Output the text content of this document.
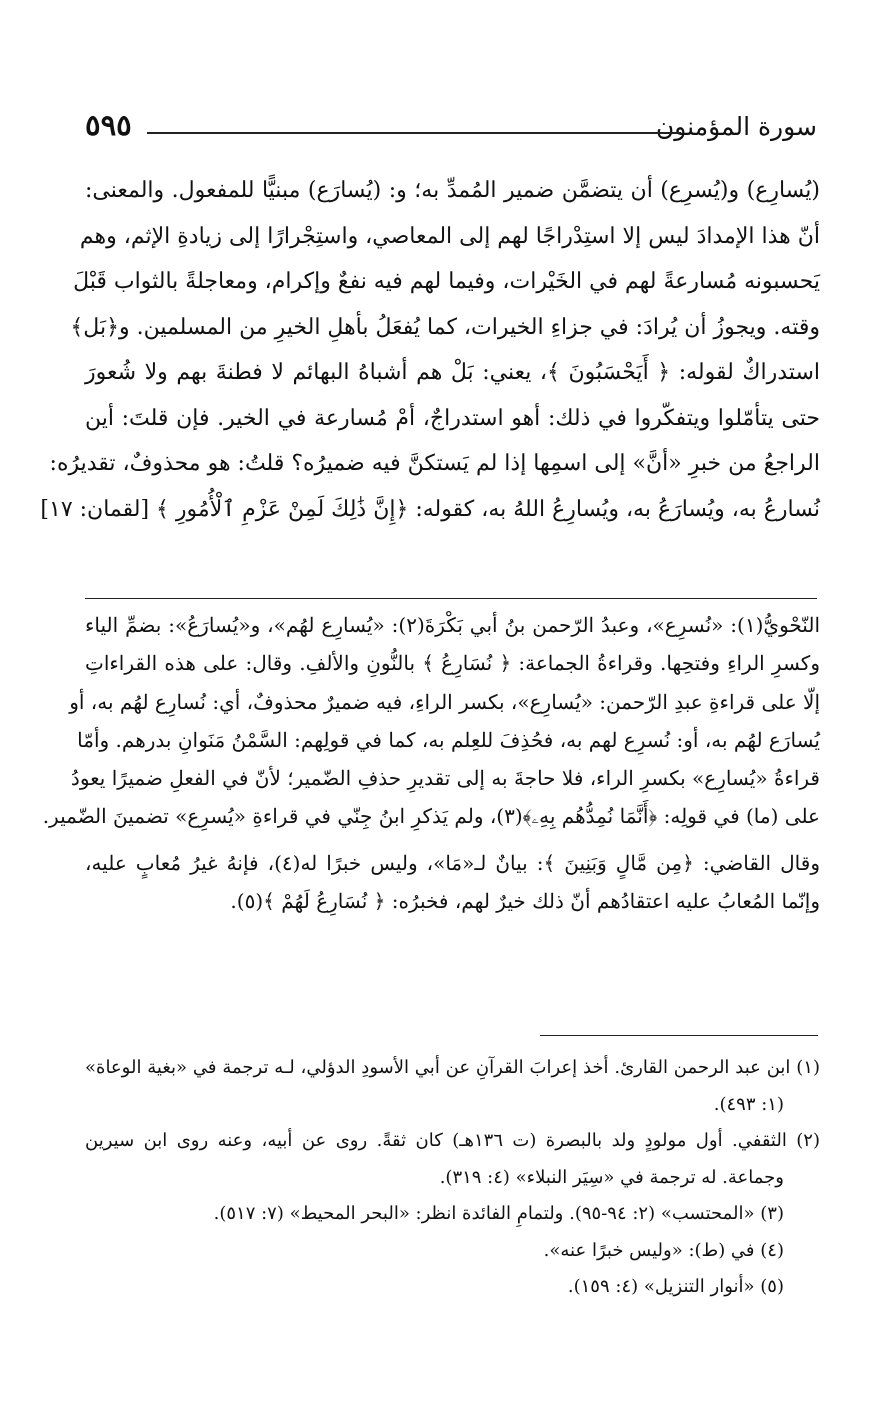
سورة المؤمنون
٥٩٥

(يُسارِع) و(يُسرِع) أن يتضمَّن ضمير المُمدِّ به؛ و: (يُسارَع) مبنيًّا للمفعول. والمعنى:

أنّ هذا الإمدادَ ليس إلا استِدْراجًا لهم إلى المعاصي، واستِجْرارًا إلى زيادةِ الإثم، وهم

يَحسبونه مُسارعةً لهم في الخَيْرات، وفيما لهم فيه نفعٌ وإكرام، ومعاجلةً بالثواب قَبْلَ

وقته. ويجوزُ أن يُرادَ: في جزاءِ الخيرات، كما يُفعَلُ بأهلِ الخيرِ من المسلمين. و﴿بَل﴾

استدراكٌ لقوله: ﴿ أَيَحْسَبُونَ ﴾، يعني: بَلْ هم أشباهُ البهائم لا فطنةَ بهم ولا شُعورَ

حتى يتأمّلوا ويتفكّروا في ذلك: أهو استدراجٌ، أمْ مُسارعة في الخير. فإن قلتَ: أين

الراجعُ من خبرِ «أنَّ» إلى اسمِها إذا لم يَستكنَّ فيه ضميرُه؟ قلتُ: هو محذوفٌ، تقديرُه:

نُسارعُ به، ويُسارَعُ به، ويُسارِعُ اللهُ به، كقوله: ﴿إِنَّ ذَٰلِكَ لَمِنْ عَزْمِ ٱلْأُمُورِ ﴾ [لقمان: ١٧]

النّحْويُّ(١): «نُسرِع»، وعبدُ الرّحمن بنُ أبي بَكْرَةَ(٢): «يُسارِع لهُم»، و«يُسارَعُ»: بضمِّ الياء

وكسرِ الراءِ وفتحِها. وقراءةُ الجماعة: ﴿ نُسَارِعُ ﴾ بالنُّونِ والألفِ. وقال: على هذه القراءاتِ

إلّا على قراءةِ عبدِ الرّحمن: «يُسارِع»، بكسر الراءِ، فيه ضميرٌ محذوفٌ، أي: نُسارِع لهُم به، أو

يُسارَع لهُم به، أو: نُسرِع لهم به، فحُذِفَ للعِلم به، كما في قولِهم: السَّمْنُ مَنَوانِ بدرهم. وأمّا

قراءةُ «يُسارِع» بكسرِ الراء، فلا حاجةَ به إلى تقديرِ حذفِ الضّمير؛ لأنّ في الفعلِ ضميرًا يعودُ

على (ما) في قولِه: ﴿أَنَّمَا نُمِدُّهُم بِهِۦ﴾(٣)، ولم يَذكرِ ابنُ جِنّي في قراءةِ «يُسرِع» تضمينَ الضّمير.

وقال القاضي: ﴿مِن مَّالٍ وَبَنِينَ ﴾: بيانٌ لـ«مَا»، وليس خبرًا له(٤)، فإنهُ غيرُ مُعابٍ عليه،

وإنّما المُعابُ عليه اعتقادُهم أنّ ذلك خيرٌ لهم، فخبرُه: ﴿ نُسَارِعُ لَهُمْ ﴾(٥).

(١) ابن عبد الرحمن القارئ. أخذ إعرابَ القرآنِ عن أبي الأسودِ الدؤلي، لـه ترجمة في «بغية الوعاة»

(١: ٤٩٣).

(٢) الثقفي. أول مولودٍ ولد بالبصرة (ت ١٣٦هـ) كان ثقةً. روى عن أبيه، وعنه روى ابن سيرين

وجماعة. له ترجمة في «سِيَر النبلاء» (٤: ٣١٩).

(٣) «المحتسب» (٢: ٩٤-٩٥). ولتمامِ الفائدة انظر: «البحر المحيط» (٧: ٥١٧).

(٤) في (ط): «وليس خبرًا عنه».

(٥) «أنوار التنزيل» (٤: ١٥٩).
